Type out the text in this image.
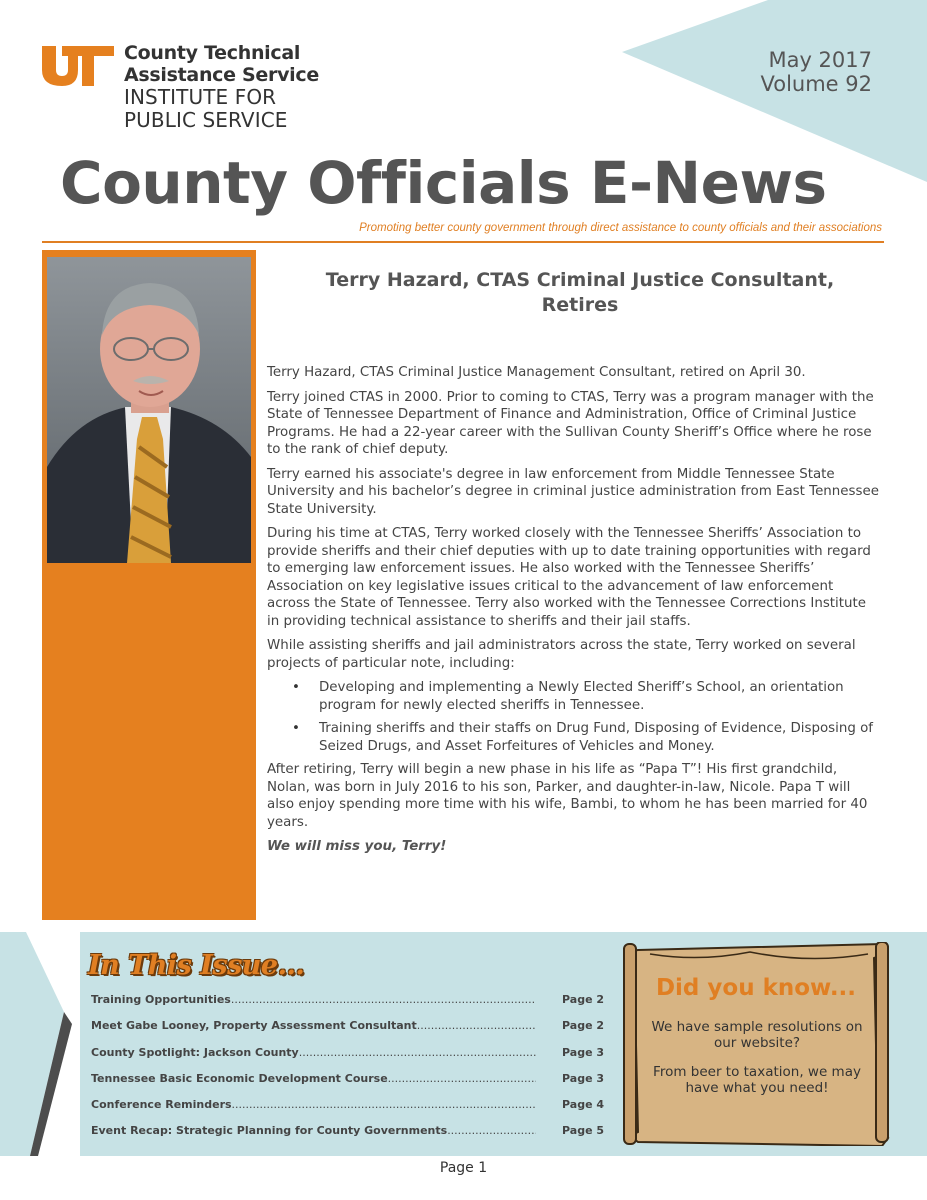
May 2017
Volume 92
County Technical
Assistance Service
INSTITUTE FOR
PUBLIC SERVICE
County Officials E-News
Promoting better county government through direct assistance to county officials and their associations
Terry Hazard, CTAS Criminal Justice Consultant,
Retires

Terry Hazard, CTAS Criminal Justice Management Consultant, retired on April 30.

Terry joined CTAS in 2000. Prior to coming to CTAS, Terry was a program manager with the State of Tennessee Department of Finance and Administration, Office of Criminal Justice Programs. He had a 22-year career with the Sullivan County Sheriff’s Office where he rose to the rank of chief deputy.

Terry earned his associate's degree in law enforcement from Middle Tennessee State University and his bachelor’s degree in criminal justice administration from East Tennessee State University.

During his time at CTAS, Terry worked closely with the Tennessee Sheriffs’ Association to provide sheriffs and their chief deputies with up to date training opportunities with regard to emerging law enforcement issues. He also worked with the Tennessee Sheriffs’ Association on key legislative issues critical to the advancement of law enforcement across the State of Tennessee. Terry also worked with the Tennessee Corrections Institute in providing technical assistance to sheriffs and their jail staffs.

While assisting sheriffs and jail administrators across the state, Terry worked on several projects of particular note, including:

• Developing and implementing a Newly Elected Sheriff’s School, an orientation program for newly elected sheriffs in Tennessee.
• Training sheriffs and their staffs on Drug Fund, Disposing of Evidence, Disposing of Seized Drugs, and Asset Forfeitures of Vehicles and Money.

After retiring, Terry will begin a new phase in his life as “Papa T”! His first grandchild, Nolan, was born in July 2016 to his son, Parker, and daughter-in-law, Nicole. Papa T will also enjoy spending more time with his wife, Bambi, to whom he has been married for 40 years.

We will miss you, Terry!

In This Issue...
Training Opportunities .....	Page 2
Meet Gabe Looney, Property Assessment Consultant .....	Page 2
County Spotlight: Jackson County .....	Page 3
Tennessee Basic Economic Development Course .....	Page 3
Conference Reminders .....	Page 4
Event Recap: Strategic Planning for County Governments .....	Page 5
Did you know...
We have sample resolutions on our website?
From beer to taxation, we may have what you need!
Page 1
